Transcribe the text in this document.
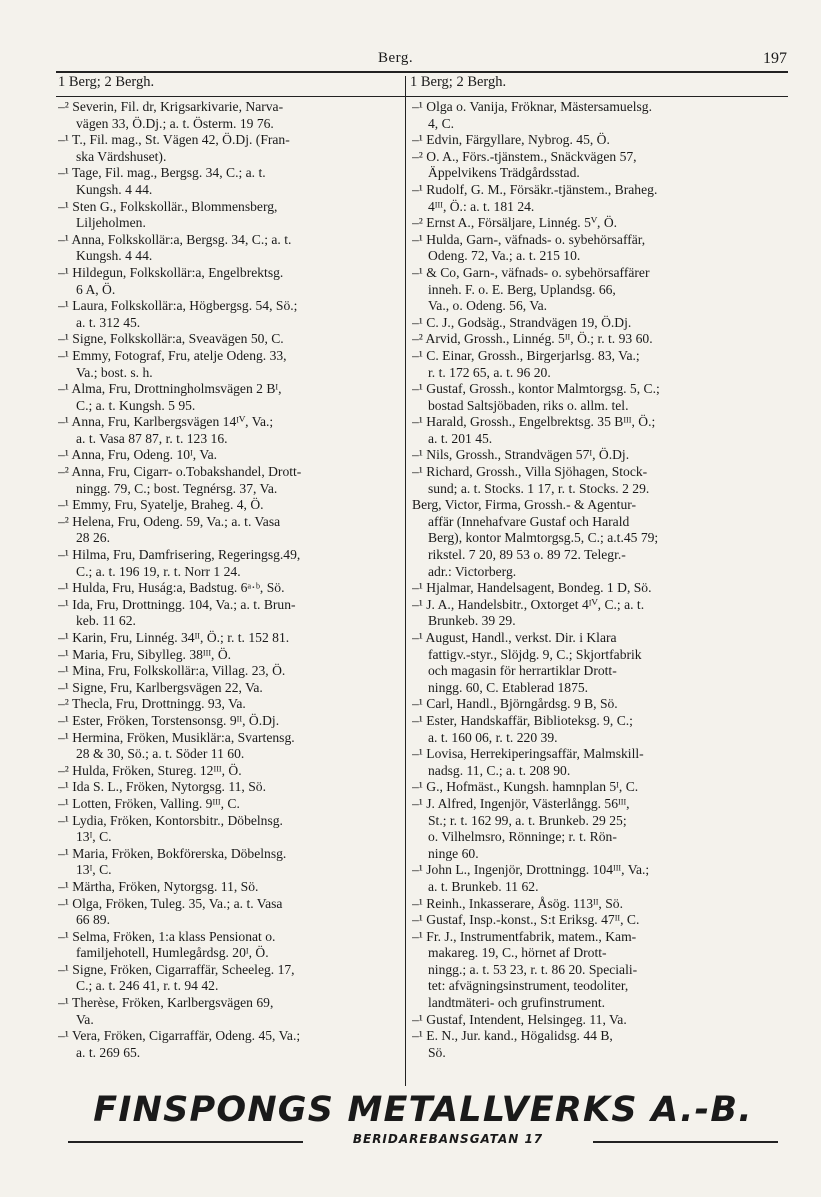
Berg.	197
1 Berg; 2 Bergh.	1 Berg; 2 Bergh.
–² Severin, Fil. dr, Krigsarkivarie, Narva-
vägen 33, Ö.Dj.; a. t. Österm. 19 76.
–¹ T., Fil. mag., St. Vägen 42, Ö.Dj. (Fran-
ska Värdshuset).
–¹ Tage, Fil. mag., Bergsg. 34, C.; a. t.
Kungsh. 4 44.
–¹ Sten G., Folkskollär., Blommensberg,
Liljeholmen.
–¹ Anna, Folkskollär:a, Bergsg. 34, C.; a. t.
Kungsh. 4 44.
–¹ Hildegun, Folkskollär:a, Engelbrektsg.
6 A, Ö.
–¹ Laura, Folkskollär:a, Högbergsg. 54, Sö.;
a. t. 312 45.
–¹ Signe, Folkskollär:a, Sveavägen 50, C.
–¹ Emmy, Fotograf, Fru, atelje Odeng. 33,
Va.; bost. s. h.
–¹ Alma, Fru, Drottningholmsvägen 2 Bᴵ,
C.; a. t. Kungsh. 5 95.
–¹ Anna, Fru, Karlbergsvägen 14ᴵⱽ, Va.;
a. t. Vasa 87 87, r. t. 123 16.
–¹ Anna, Fru, Odeng. 10ᴵ, Va.
–² Anna, Fru, Cigarr- o.Tobakshandel, Drott-
ningg. 79, C.; bost. Tegnérsg. 37, Va.
–¹ Emmy, Fru, Syatelje, Braheg. 4, Ö.
–² Helena, Fru, Odeng. 59, Va.; a. t. Vasa
28 26.
–¹ Hilma, Fru, Damfrisering, Regeringsg.49,
C.; a. t. 196 19, r. t. Norr 1 24.
–¹ Hulda, Fru, Huság:a, Badstug. 6ᵃ·ᵇ, Sö.
–¹ Ida, Fru, Drottningg. 104, Va.; a. t. Brun-
keb. 11 62.
–¹ Karin, Fru, Linnég. 34ᴵᴵ, Ö.; r. t. 152 81.
–¹ Maria, Fru, Sibylleg. 38ᴵᴵᴵ, Ö.
–¹ Mina, Fru, Folkskollär:a, Villag. 23, Ö.
–¹ Signe, Fru, Karlbergsvägen 22, Va.
–² Thecla, Fru, Drottningg. 93, Va.
–¹ Ester, Fröken, Torstensonsg. 9ᴵᴵ, Ö.Dj.
–¹ Hermina, Fröken, Musiklär:a, Svartensg.
28 & 30, Sö.; a. t. Söder 11 60.
–² Hulda, Fröken, Stureg. 12ᴵᴵᴵ, Ö.
–¹ Ida S. L., Fröken, Nytorgsg. 11, Sö.
–¹ Lotten, Fröken, Valling. 9ᴵᴵᴵ, C.
–¹ Lydia, Fröken, Kontorsbitr., Döbelnsg.
13ᴵ, C.
–¹ Maria, Fröken, Bokförerska, Döbelnsg.
13ᴵ, C.
–¹ Märtha, Fröken, Nytorgsg. 11, Sö.
–¹ Olga, Fröken, Tuleg. 35, Va.; a. t. Vasa
66 89.
–¹ Selma, Fröken, 1:a klass Pensionat o.
familjehotell, Humlegårdsg. 20ᴵ, Ö.
–¹ Signe, Fröken, Cigarraffär, Scheeleg. 17,
C.; a. t. 246 41, r. t. 94 42.
–¹ Therèse, Fröken, Karlbergsvägen 69,
Va.
–¹ Vera, Fröken, Cigarraffär, Odeng. 45, Va.;
a. t. 269 65.
–¹ Olga o. Vanija, Fröknar, Mästersamuelsg.
4, C.
–¹ Edvin, Färgyllare, Nybrog. 45, Ö.
–² O. A., Förs.-tjänstem., Snäckvägen 57,
Äppelvikens Trädgårdsstad.
–¹ Rudolf, G. M., Försäkr.-tjänstem., Braheg.
4ᴵᴵᴵ, Ö.: a. t. 181 24.
–² Ernst A., Försäljare, Linnég. 5ⱽ, Ö.
–¹ Hulda, Garn-, väfnads- o. sybehörsaffär,
Odeng. 72, Va.; a. t. 215 10.
–¹ & Co, Garn-, väfnads- o. sybehörsaffärer
inneh. F. o. E. Berg, Uplandsg. 66,
Va., o. Odeng. 56, Va.
–¹ C. J., Godsäg., Strandvägen 19, Ö.Dj.
–² Arvid, Grossh., Linnég. 5ᴵᴵ, Ö.; r. t. 93 60.
–¹ C. Einar, Grossh., Birgerjarlsg. 83, Va.;
r. t. 172 65, a. t. 96 20.
–¹ Gustaf, Grossh., kontor Malmtorgsg. 5, C.;
bostad Saltsjöbaden, riks o. allm. tel.
–¹ Harald, Grossh., Engelbrektsg. 35 Bᴵᴵᴵ, Ö.;
a. t. 201 45.
–¹ Nils, Grossh., Strandvägen 57ᴵ, Ö.Dj.
–¹ Richard, Grossh., Villa Sjöhagen, Stock-
sund; a. t. Stocks. 1 17, r. t. Stocks. 2 29.
Berg, Victor, Firma, Grossh.- & Agentur-
affär (Innehafvare Gustaf och Harald
Berg), kontor Malmtorgsg.5, C.; a.t.45 79;
rikstel. 7 20, 89 53 o. 89 72. Telegr.-
adr.: Victorberg.
–¹ Hjalmar, Handelsagent, Bondeg. 1 D, Sö.
–¹ J. A., Handelsbitr., Oxtorget 4ᴵⱽ, C.; a. t.
Brunkeb. 39 29.
–¹ August, Handl., verkst. Dir. i Klara
fattigv.-styr., Slöjdg. 9, C.; Skjortfabrik
och magasin för herrartiklar Drott-
ningg. 60, C. Etablerad 1875.
–¹ Carl, Handl., Björngårdsg. 9 B, Sö.
–¹ Ester, Handskaffär, Biblioteksg. 9, C.;
a. t. 160 06, r. t. 220 39.
–¹ Lovisa, Herrekiperingsaffär, Malmskill-
nadsg. 11, C.; a. t. 208 90.
–¹ G., Hofmäst., Kungsh. hamnplan 5ᴵ, C.
–¹ J. Alfred, Ingenjör, Västerlångg. 56ᴵᴵᴵ,
St.; r. t. 162 99, a. t. Brunkeb. 29 25;
o. Vilhelmsro, Rönninge; r. t. Rön-
ninge 60.
–¹ John L., Ingenjör, Drottningg. 104ᴵᴵᴵ, Va.;
a. t. Brunkeb. 11 62.
–¹ Reinh., Inkasserare, Åsög. 113ᴵᴵ, Sö.
–¹ Gustaf, Insp.-konst., S:t Eriksg. 47ᴵᴵ, C.
–¹ Fr. J., Instrumentfabrik, matem., Kam-
makareg. 19, C., hörnet af Drott-
ningg.; a. t. 53 23, r. t. 86 20. Speciali-
tet: afvägningsinstrument, teodoliter,
landtmäteri- och grufinstrument.
–¹ Gustaf, Intendent, Helsingeg. 11, Va.
–¹ E. N., Jur. kand., Högalidsg. 44 B,
Sö.
FINSPONGS METALLVERKS A.-B.
BERIDAREBANSGATAN 17
